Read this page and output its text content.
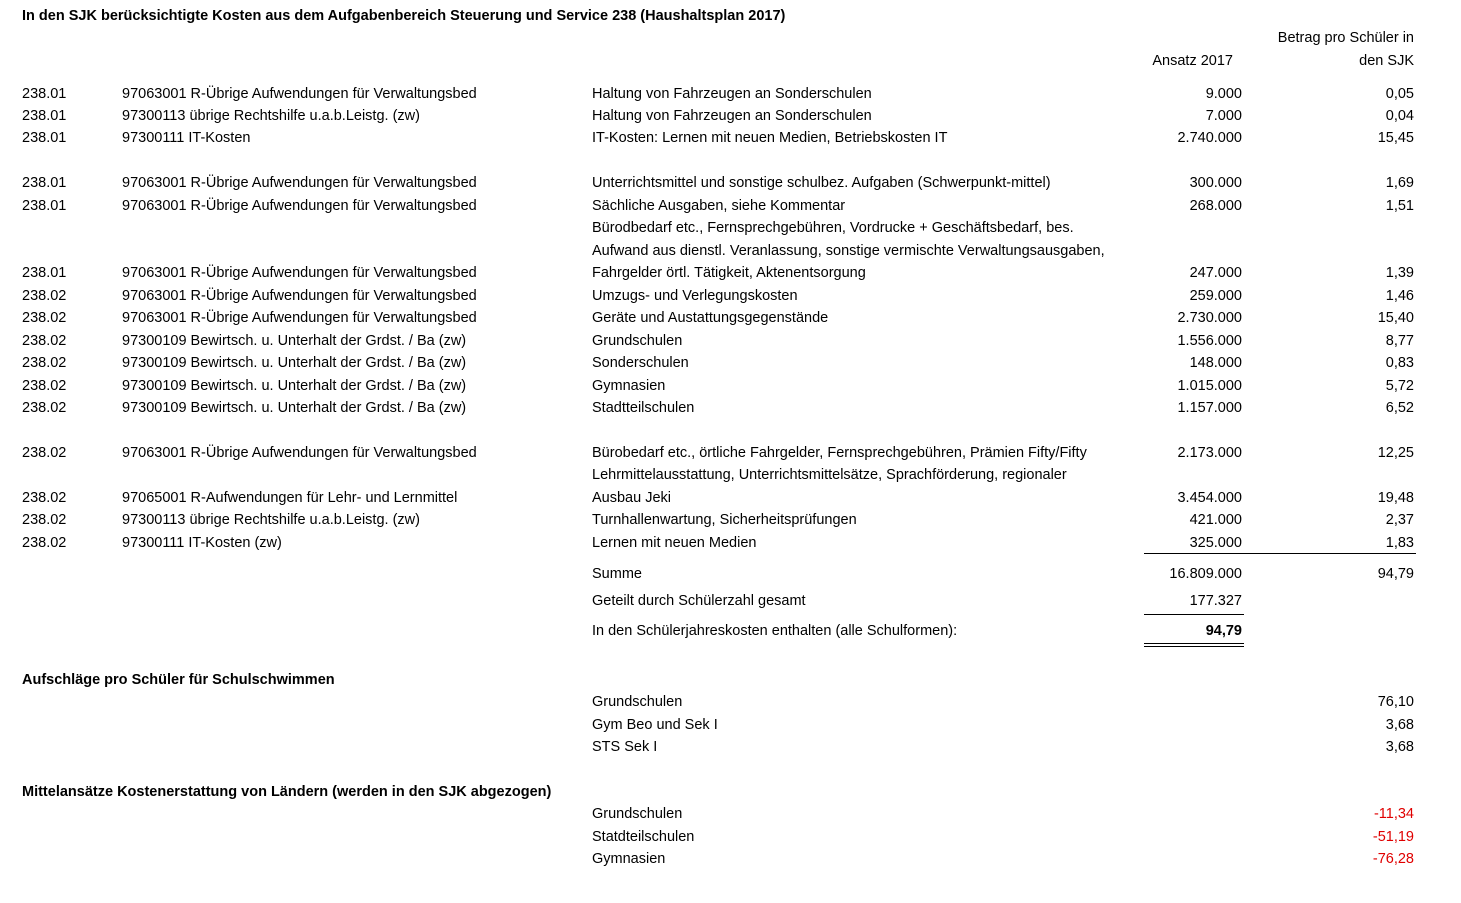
In den SJK berücksichtigte Kosten aus dem Aufgabenbereich Steuerung und Service 238 (Haushaltsplan 2017)
Betrag pro Schüler in
Ansatz 2017	den SJK
238.01	97063001 R-Übrige Aufwendungen für Verwaltungsbed	Haltung von Fahrzeugen an Sonderschulen	9.000	0,05
238.01	97300113 übrige Rechtshilfe u.a.b.Leistg. (zw)	Haltung von Fahrzeugen an Sonderschulen	7.000	0,04
238.01	97300111 IT-Kosten	IT-Kosten: Lernen mit neuen Medien, Betriebskosten IT	2.740.000	15,45
238.01	97063001 R-Übrige Aufwendungen für Verwaltungsbed	Unterrichtsmittel und sonstige schulbez. Aufgaben (Schwerpunkt-mittel)	300.000	1,69
238.01	97063001 R-Übrige Aufwendungen für Verwaltungsbed	Sächliche Ausgaben, siehe Kommentar	268.000	1,51
Bürodbedarf etc., Fernsprechgebühren, Vordrucke + Geschäftsbedarf, bes.
Aufwand aus dienstl. Veranlassung, sonstige vermischte Verwaltungsausgaben,
238.01	97063001 R-Übrige Aufwendungen für Verwaltungsbed	Fahrgelder örtl. Tätigkeit, Aktenentsorgung	247.000	1,39
238.02	97063001 R-Übrige Aufwendungen für Verwaltungsbed	Umzugs- und Verlegungskosten	259.000	1,46
238.02	97063001 R-Übrige Aufwendungen für Verwaltungsbed	Geräte und Austattungsgegenstände	2.730.000	15,40
238.02	97300109 Bewirtsch. u. Unterhalt der Grdst. / Ba (zw)	Grundschulen	1.556.000	8,77
238.02	97300109 Bewirtsch. u. Unterhalt der Grdst. / Ba (zw)	Sonderschulen	148.000	0,83
238.02	97300109 Bewirtsch. u. Unterhalt der Grdst. / Ba (zw)	Gymnasien	1.015.000	5,72
238.02	97300109 Bewirtsch. u. Unterhalt der Grdst. / Ba (zw)	Stadtteilschulen	1.157.000	6,52
238.02	97063001 R-Übrige Aufwendungen für Verwaltungsbed	Bürobedarf etc., örtliche Fahrgelder, Fernsprechgebühren, Prämien Fifty/Fifty	2.173.000	12,25
Lehrmittelausstattung, Unterrichtsmittelsätze, Sprachförderung, regionaler
238.02	97065001 R-Aufwendungen für Lehr- und Lernmittel	Ausbau Jeki	3.454.000	19,48
238.02	97300113 übrige Rechtshilfe u.a.b.Leistg. (zw)	Turnhallenwartung, Sicherheitsprüfungen	421.000	2,37
238.02	97300111 IT-Kosten (zw)	Lernen mit neuen Medien	325.000	1,83
Summe	16.809.000	94,79
Geteilt durch Schülerzahl gesamt	177.327
In den Schülerjahreskosten enthalten (alle Schulformen):	94,79
Aufschläge pro Schüler für Schulschwimmen
Grundschulen	76,10
Gym Beo und Sek I	3,68
STS Sek I	3,68
Mittelansätze Kostenerstattung von Ländern (werden in den SJK abgezogen)
Grundschulen	-11,34
Statdteilschulen	-51,19
Gymnasien	-76,28
